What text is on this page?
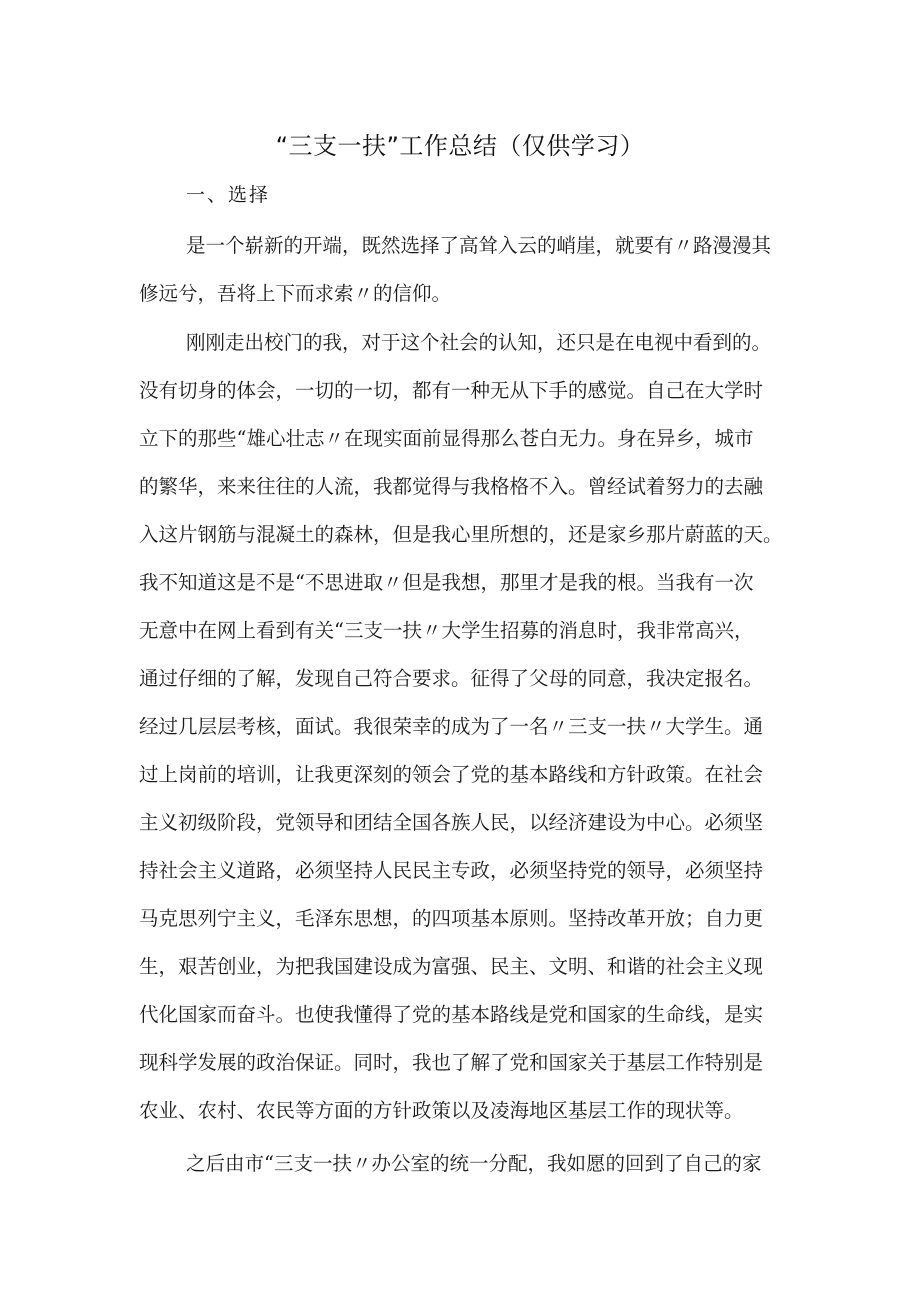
“三支一扶”工作总结（仅供学习）
一、选择
是一个崭新的开端，既然选择了高耸入云的峭崖，就要有〃路漫漫其
修远兮，吾将上下而求索〃的信仰。
刚刚走出校门的我，对于这个社会的认知，还只是在电视中看到的。
没有切身的体会，一切的一切，都有一种无从下手的感觉。自己在大学时
立下的那些“雄心壮志〃在现实面前显得那么苍白无力。身在异乡，城市
的繁华，来来往往的人流，我都觉得与我格格不入。曾经试着努力的去融
入这片钢筋与混凝土的森林，但是我心里所想的，还是家乡那片蔚蓝的天。
我不知道这是不是“不思进取〃但是我想，那里才是我的根。当我有一次
无意中在网上看到有关“三支一扶〃大学生招募的消息时，我非常高兴，
通过仔细的了解，发现自己符合要求。征得了父母的同意，我决定报名。
经过几层层考核，面试。我很荣幸的成为了一名〃三支一扶〃大学生。通
过上岗前的培训，让我更深刻的领会了党的基本路线和方针政策。在社会
主义初级阶段，党领导和团结全国各族人民，以经济建设为中心。必须坚
持社会主义道路，必须坚持人民民主专政，必须坚持党的领导，必须坚持
马克思列宁主义，毛泽东思想，的四项基本原则。坚持改革开放；自力更
生，艰苦创业，为把我国建设成为富强、民主、文明、和谐的社会主义现
代化国家而奋斗。也使我懂得了党的基本路线是党和国家的生命线，是实
现科学发展的政治保证。同时，我也了解了党和国家关于基层工作特别是
农业、农村、农民等方面的方针政策以及凌海地区基层工作的现状等。
之后由市“三支一扶〃办公室的统一分配，我如愿的回到了自己的家
